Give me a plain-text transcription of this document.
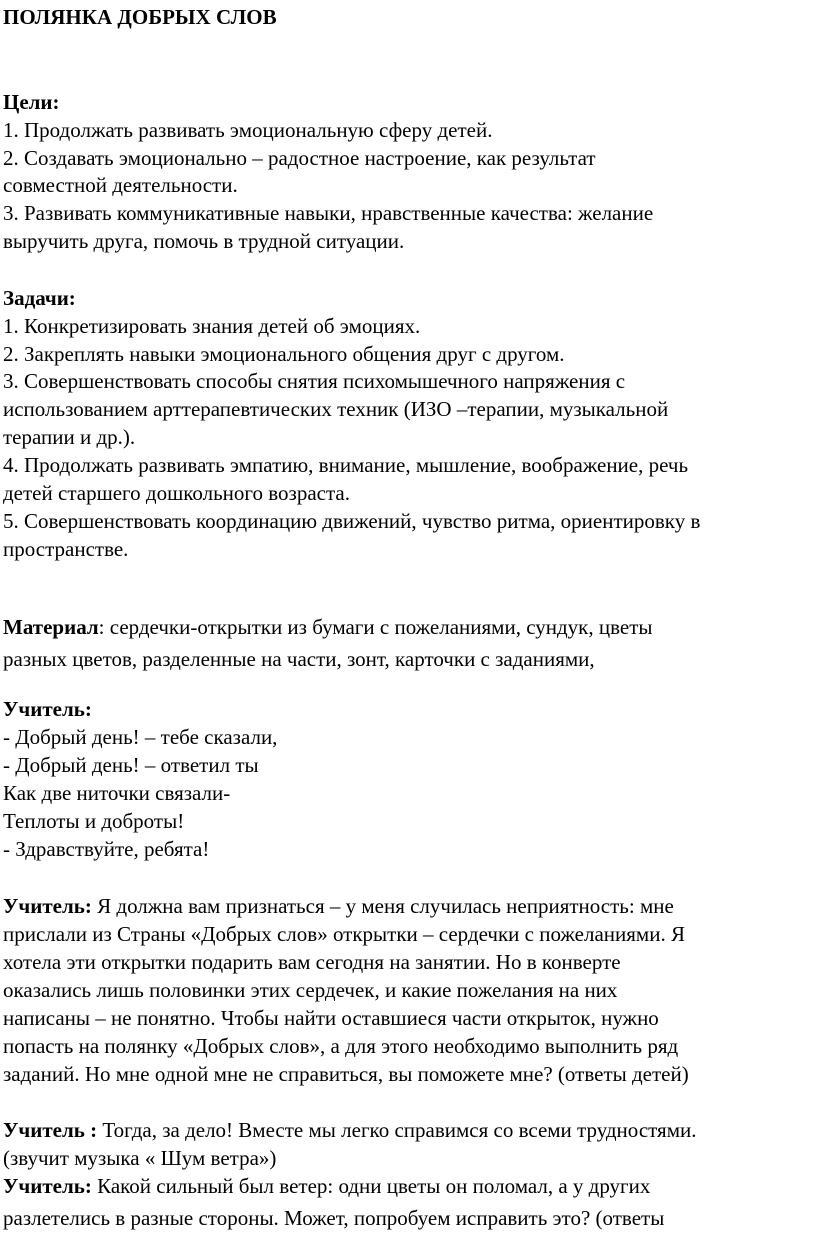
ПОЛЯНКА ДОБРЫХ СЛОВ
Цели:
1. Продолжать развивать эмоциональную сферу детей.
2. Создавать эмоционально – радостное настроение, как результат
совместной деятельности.
3. Развивать коммуникативные навыки, нравственные качества: желание
выручить друга, помочь в трудной ситуации.
Задачи:
1. Конкретизировать знания детей об эмоциях.
2. Закреплять навыки эмоционального общения друг с другом.
3. Совершенствовать способы снятия психомышечного напряжения с
использованием арттерапевтических техник (ИЗО –терапии, музыкальной
терапии и др.).
4. Продолжать развивать эмпатию, внимание, мышление, воображение, речь
детей старшего дошкольного возраста.
5. Совершенствовать координацию движений, чувство ритма, ориентировку в
пространстве.
Материал: сердечки-открытки из бумаги с пожеланиями, сундук, цветы
разных цветов, разделенные на части, зонт, карточки с заданиями,
Учитель:
- Добрый день! – тебе сказали,
- Добрый день! – ответил ты
Как две ниточки связали-
Теплоты и доброты!
- Здравствуйте, ребята!
Учитель: Я должна вам признаться – у меня случилась неприятность: мне
прислали из Страны «Добрых слов» открытки – сердечки с пожеланиями. Я
хотела эти открытки подарить вам сегодня на занятии. Но в конверте
оказались лишь половинки этих сердечек, и какие пожелания на них
написаны – не понятно. Чтобы найти оставшиеся части открыток, нужно
попасть на полянку «Добрых слов», а для этого необходимо выполнить ряд
заданий. Но мне одной мне не справиться, вы поможете мне? (ответы детей)
Учитель : Тогда, за дело! Вместе мы легко справимся со всеми трудностями.
(звучит музыка « Шум ветра»)
Учитель: Какой сильный был ветер: одни цветы он поломал, а у других
разлетелись в разные стороны. Может, попробуем исправить это? (ответы
